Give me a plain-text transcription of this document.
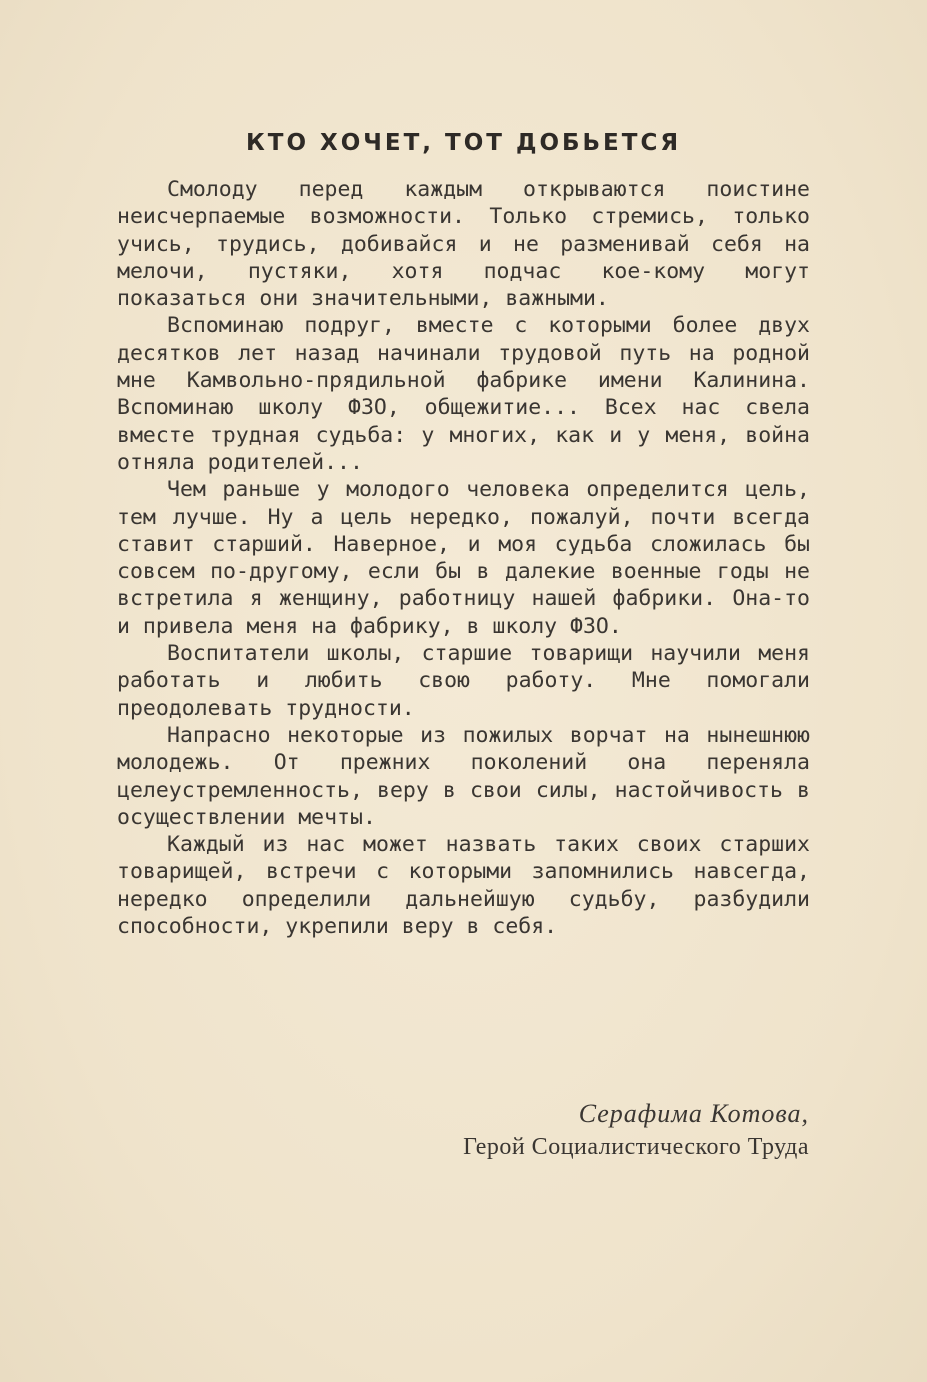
КТО ХОЧЕТ, ТОТ ДОБЬЕТСЯ

Смолоду перед каждым открываются поистине неисчерпаемые возможности. Только стремись, только учись, трудись, добивайся и не разменивай себя на мелочи, пустяки, хотя подчас кое-кому могут показаться они значительными, важными.

Вспоминаю подруг, вместе с которыми более двух десятков лет назад начинали трудовой путь на родной мне Камвольно-прядильной фабрике имени Калинина. Вспоминаю школу ФЗО, общежитие... Всех нас свела вместе трудная судьба: у многих, как и у меня, война отняла родителей...

Чем раньше у молодого человека определится цель, тем лучше. Ну а цель нередко, пожалуй, почти всегда ставит старший. Наверное, и моя судьба сложилась бы совсем по-другому, если бы в далекие военные годы не встретила я женщину, работницу нашей фабрики. Она-то и привела меня на фабрику, в школу ФЗО.

Воспитатели школы, старшие товарищи научили меня работать и любить свою работу. Мне помогали преодолевать трудности.

Напрасно некоторые из пожилых ворчат на нынешнюю молодежь. От прежних поколений она переняла целеустремленность, веру в свои силы, настойчивость в осуществлении мечты.

Каждый из нас может назвать таких своих старших товарищей, встречи с которыми запомнились навсегда, нередко определили дальнейшую судьбу, разбудили способности, укрепили веру в себя.

Серафима Котова,
Герой Социалистического Труда
